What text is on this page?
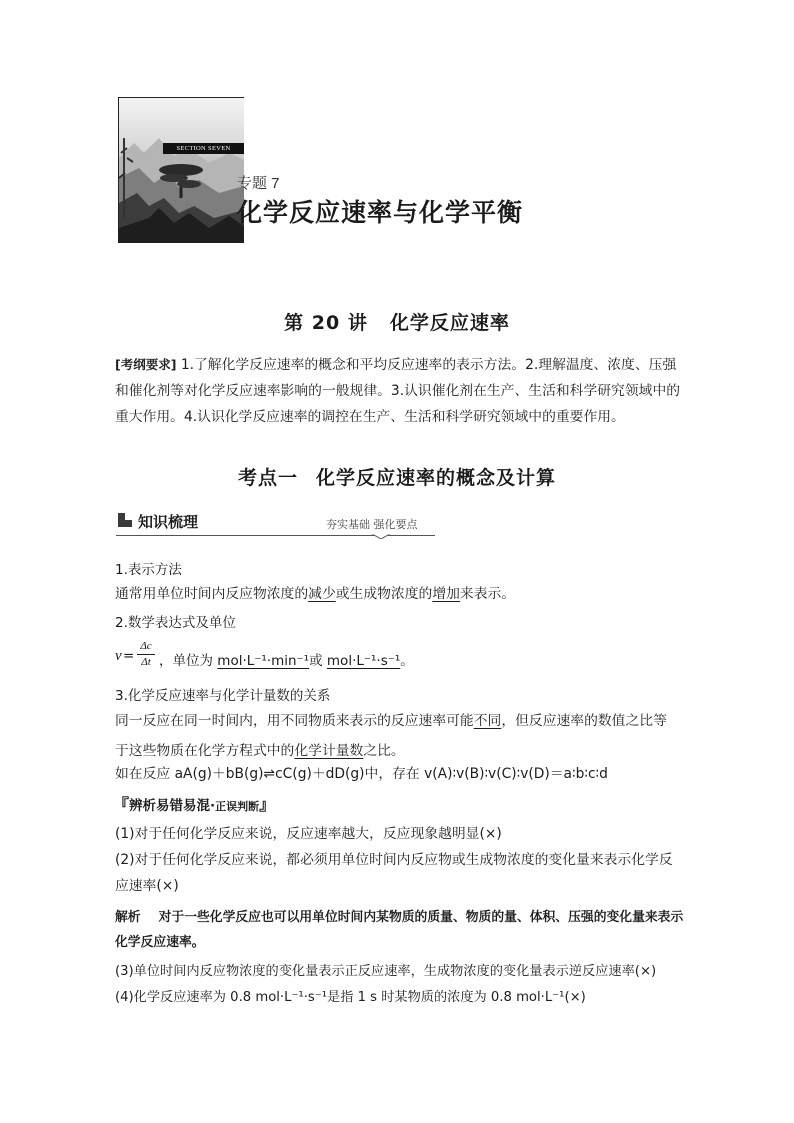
SECTION SEVEN
专题 7
化学反应速率与化学平衡
第 20 讲 化学反应速率
[考纲要求] 1.了解化学反应速率的概念和平均反应速率的表示方法。2.理解温度、浓度、压强和催化剂等对化学反应速率影响的一般规律。3.认识催化剂在生产、生活和科学研究领域中的重大作用。4.认识化学反应速率的调控在生产、生活和科学研究领域中的重要作用。
考点一 化学反应速率的概念及计算
知识梳理	夯实基础 强化要点
1.表示方法
通常用单位时间内反应物浓度的减少或生成物浓度的增加来表示。
2.数学表达式及单位
v =
Δc
Δt ，单位为 mol·L⁻¹·min⁻¹或 mol·L⁻¹·s⁻¹。
3.化学反应速率与化学计量数的关系
同一反应在同一时间内，用不同物质来表示的反应速率可能不同，但反应速率的数值之比等
于这些物质在化学方程式中的化学计量数之比。
如在反应 aA(g)＋bB(g)⇌cC(g)＋dD(g)中，存在 v(A)∶v(B)∶v(C)∶v(D)＝a∶b∶c∶d
『辨析易错易混·正误判断』
(1)对于任何化学反应来说，反应速率越大，反应现象越明显(×)
(2)对于任何化学反应来说，都必须用单位时间内反应物或生成物浓度的变化量来表示化学反
应速率(×)
解析 对于一些化学反应也可以用单位时间内某物质的质量、物质的量、体积、压强的变化量来表示化学反应速率。
(3)单位时间内反应物浓度的变化量表示正反应速率，生成物浓度的变化量表示逆反应速率(×)
(4)化学反应速率为 0.8 mol·L⁻¹·s⁻¹是指 1 s 时某物质的浓度为 0.8 mol·L⁻¹(×)
